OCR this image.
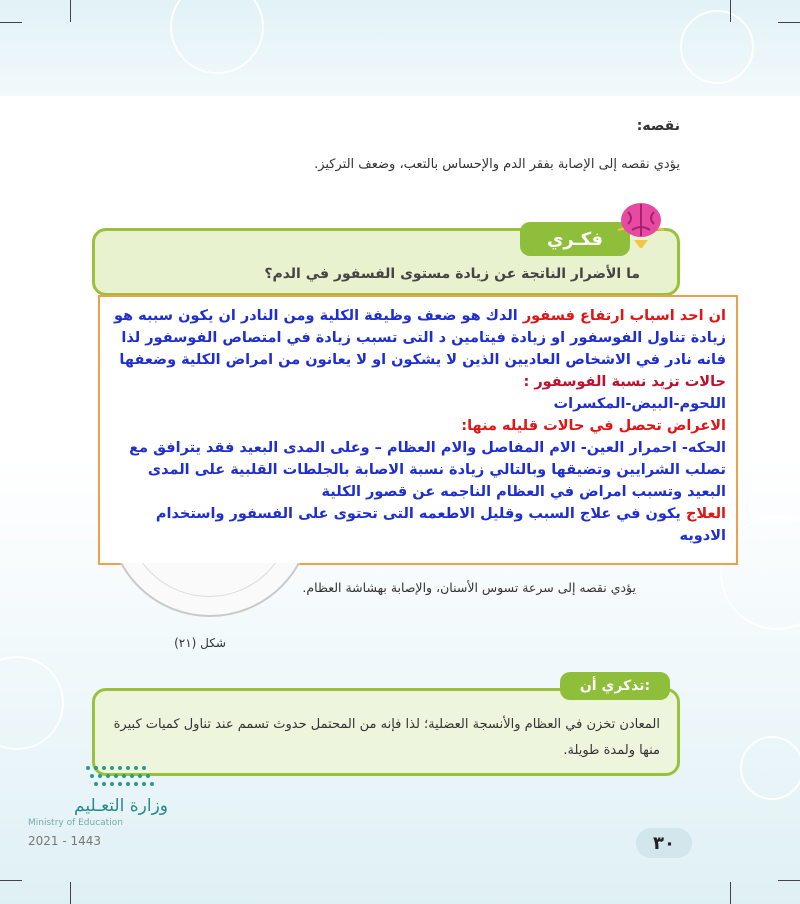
نقصه:
يؤدي نقصه إلى الإصابة بفقر الدم والإحساس بالتعب، وضعف التركيز.
فكـري
ما الأضرار الناتجة عن زيادة مستوى الفسفور في الدم؟

ان احد اسباب ارتفاع فسفور الدك هو ضعف وظيفة الكلية ومن النادر ان يكون سببه هو زيادة تناول الفوسفور او زيادة فيتامين د التى تسبب زيادة في امتصاص الفوسفور لذا فانه نادر في الاشخاص العاديين الذين لا يشكون او لا يعانون من امراض الكلية وضعفها

حالات تزيد نسبة الفوسفور :

اللحوم-البيض-المكسرات

الاعراض تحصل في حالات قليله منها:

الحكه- احمرار العين- الام المفاصل والام العظام – وعلى المدى البعيد فقد يترافق مع تصلب الشرايين وتضيقها وبالتالي زيادة نسبة الاصابة بالجلطات القلبية على المدى البعيد وتسبب امراض في العظام الناجمه عن قصور الكلية

العلاج يكون في علاج السبب وقليل الاطعمه التى تحتوى على الفسفور واستخدام الادويه

يؤدي نقصه إلى سرعة تسوس الأسنان، والإصابة بهشاشة العظام.
شكل (٢١)
تذكري أن:
المعادن تخزن في العظام والأنسجة العضلية؛ لذا فإنه من المحتمل حدوث تسمم عند تناول كميات كبيرة منها ولمدة طويلة.
وزارة التعـليم
Ministry of Education
2021 - 1443	٣٠
